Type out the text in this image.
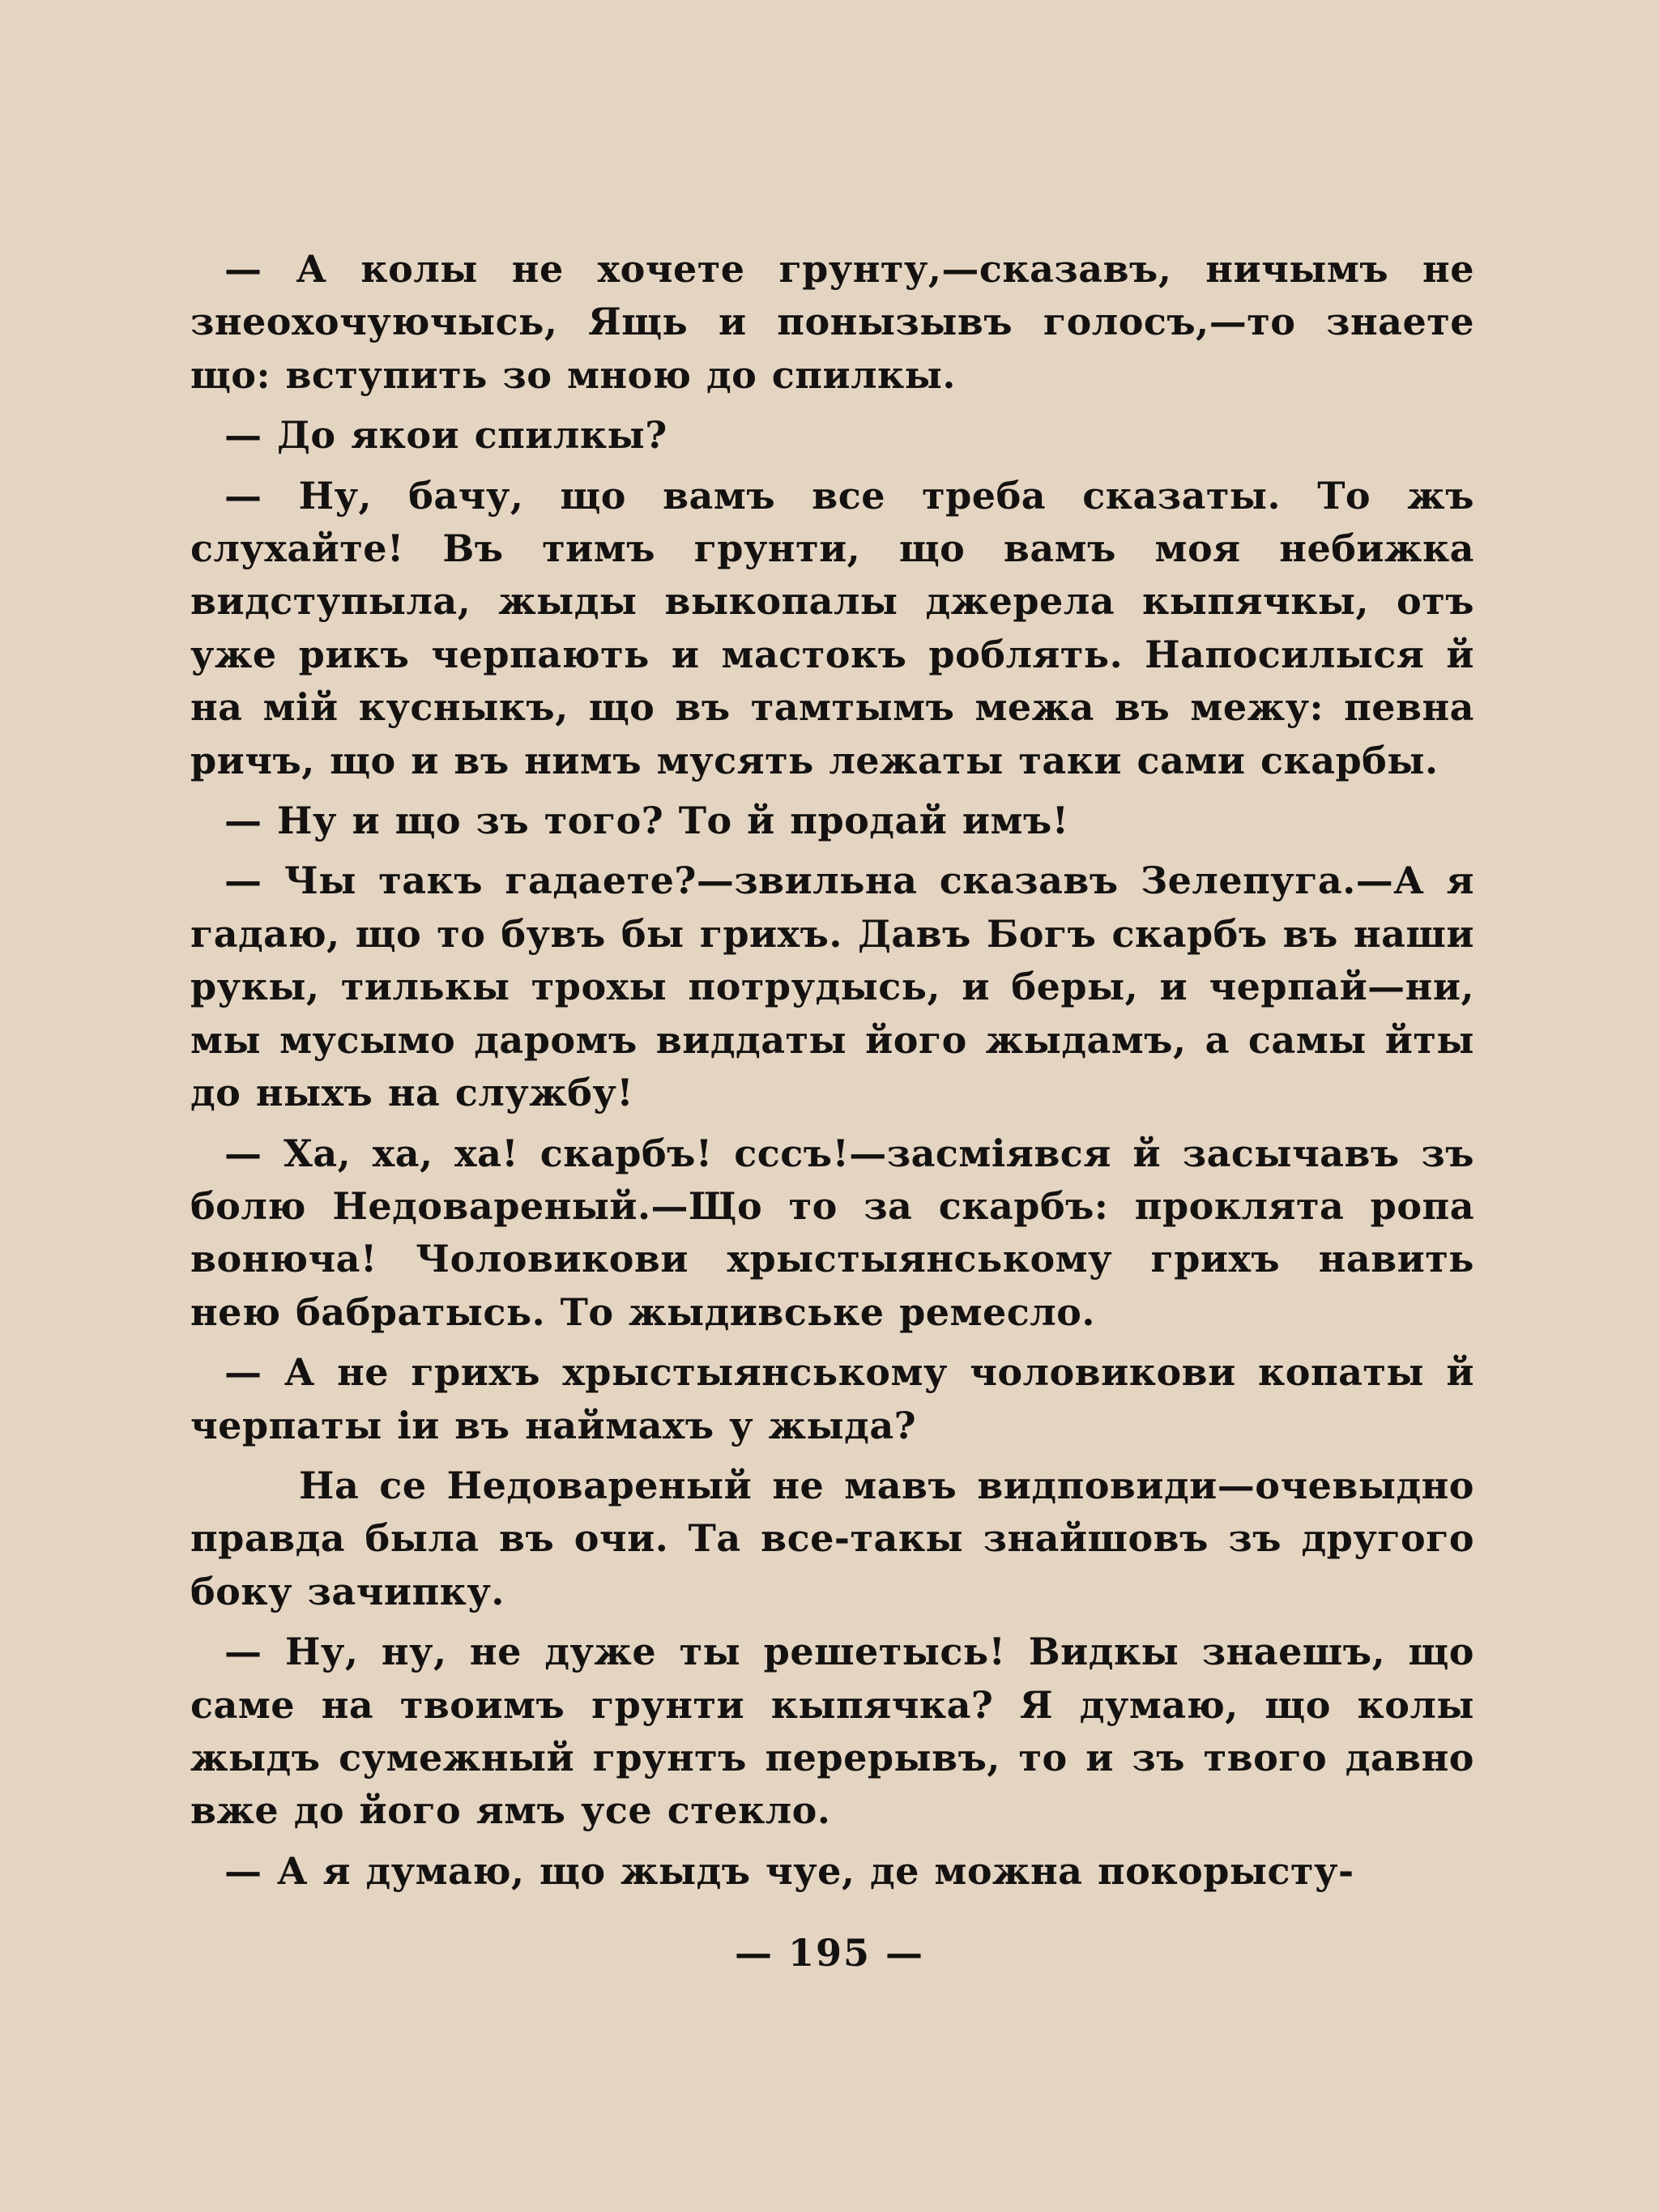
— А колы не хочете грунту,—сказавъ, ничымъ не знеохочуючысь, Ящь и понызывъ голосъ,—то знаете що: вступить зо мною до спилкы.

— До якои спилкы?

— Ну, бачу, що вамъ все треба сказаты. То жъ слухайте! Въ тимъ грунти, що вамъ моя небижка видступыла, жыды выкопалы джерела кыпячкы, отъ уже рикъ черпають и мастокъ роблять. Напосилыся й на мій кусныкъ, що въ тамтымъ межа въ межу: певна ричъ, що и въ нимъ мусять лежаты таки сами скарбы.

— Ну и що зъ того? То й продай имъ!

— Чы такъ гадаете?—звильна сказавъ Зелепуга.—А я гадаю, що то бувъ бы грихъ. Давъ Богъ скарбъ въ наши рукы, тилькы трохы потрудысь, и беры, и черпай—ни, мы мусымо даромъ виддаты його жыдамъ, а самы йты до ныхъ на службу!

— Ха, ха, ха! скарбъ! сссъ!—засміявся й засычавъ зъ болю Недовареный.—Що то за скарбъ: проклята ропа вонюча! Чоловикови хрыстыянському грихъ навить нею бабратысь. То жыдивське ремесло.

— А не грихъ хрыстыянському чоловикови копаты й черпаты іи въ наймахъ у жыда?

На се Недовареный не мавъ видповиди—очевыдно правда была въ очи. Та все-такы знайшовъ зъ другого боку зачипку.

— Ну, ну, не дуже ты решетысь! Видкы знаешъ, що саме на твоимъ грунти кыпячка? Я думаю, що колы жыдъ сумежный грунтъ перерывъ, то и зъ твого давно вже до його ямъ усе стекло.

— А я думаю, що жыдъ чуе, де можна покорысту-

— 195 —
